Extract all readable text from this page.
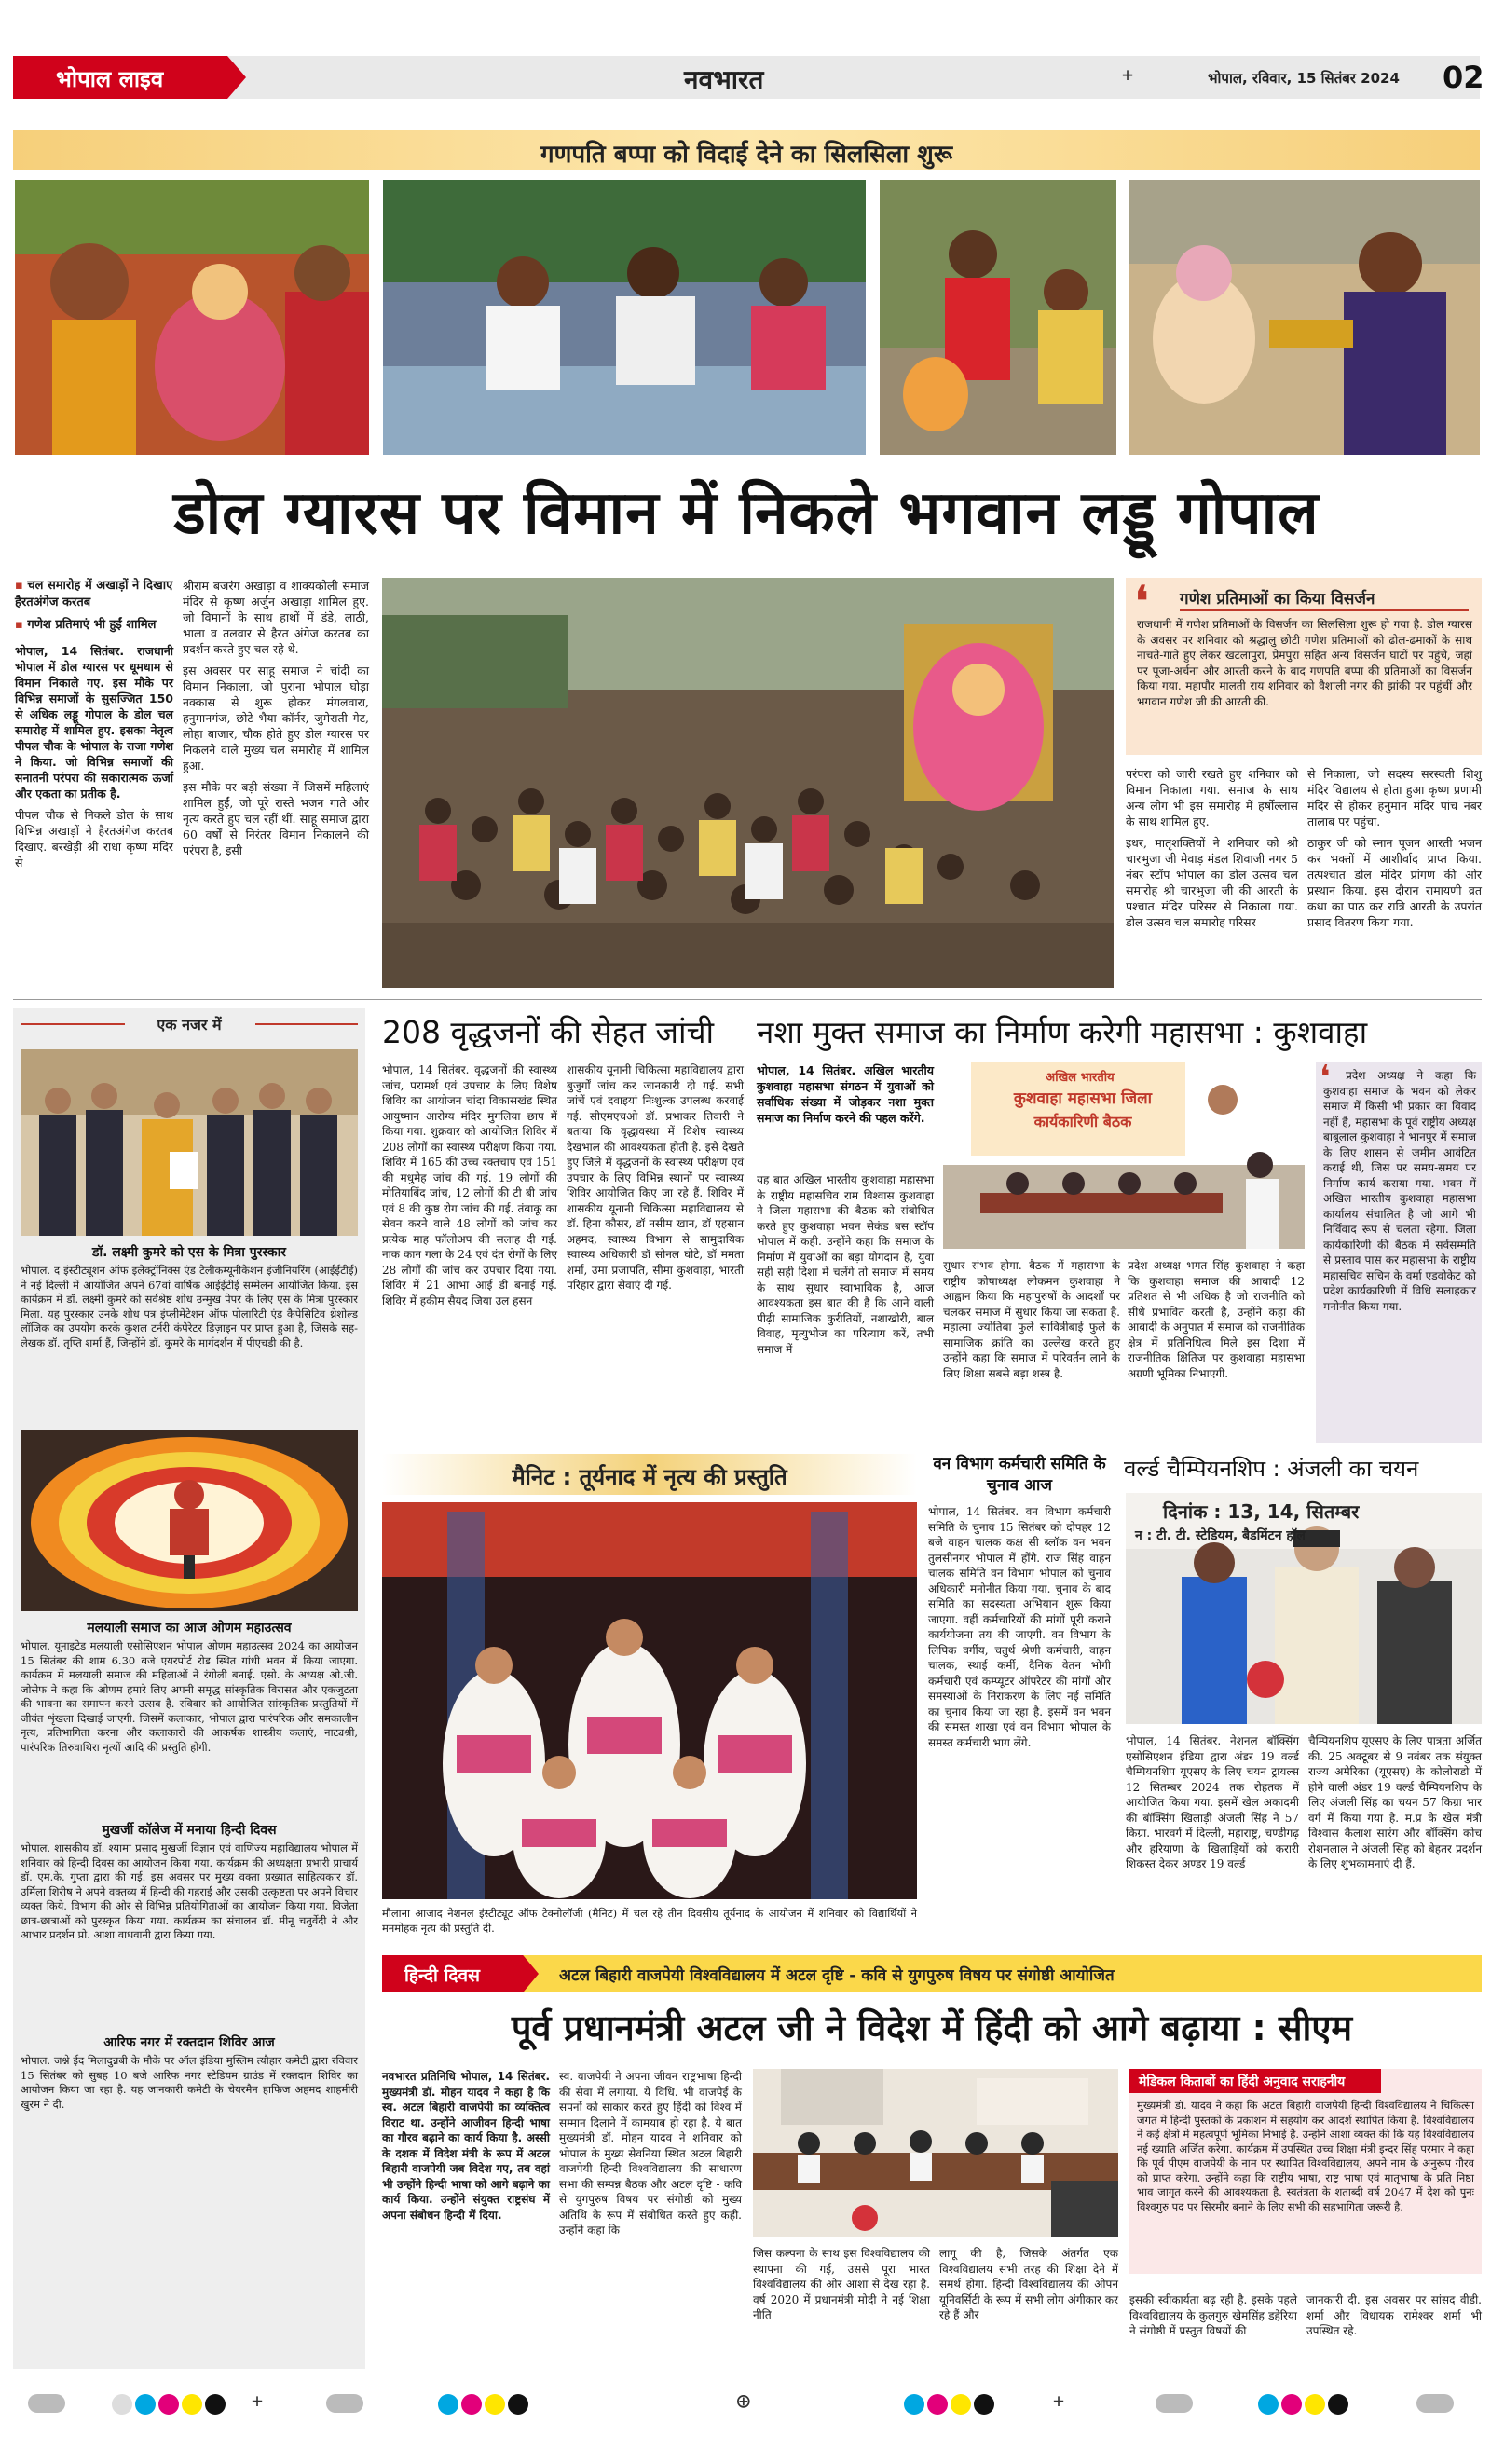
भोपाल लाइव	नवभारत	+	भोपाल, रविवार, 15 सितंबर 2024 02
गणपति बप्पा को विदाई देने का सिलसिला शुरू
डोल ग्यारस पर विमान में निकले भगवान लड्डू गोपाल
▪ चल समारोह में अखाड़ों ने दिखाए हैरतअंगेज करतब
▪ गणेश प्रतिमाएं भी हुईं शामिल
भोपाल, 14 सितंबर. राजधानी भोपाल में डोल ग्यारस पर धूमधाम से विमान निकाले गए. इस मौके पर विभिन्न समाजों के सुसज्जित 150 से अधिक लड्डू गोपाल के डोल चल समारोह में शामिल हुए. इसका नेतृत्व पीपल चौक के भोपाल के राजा गणेश ने किया. जो विभिन्न समाजों की सनातनी परंपरा की सकारात्मक ऊर्जा और एकता का प्रतीक है.
पीपल चौक से निकले डोल के साथ विभिन्न अखाड़ों ने हैरतअंगेज करतब दिखाए. बरखेड़ी श्री राधा कृष्ण मंदिर से

श्रीराम बजरंग अखाड़ा व शाक्यकोली समाज मंदिर से कृष्ण अर्जुन अखाड़ा शामिल हुए. जो विमानों के साथ हाथों में डंडे, लाठी, भाला व तलवार से हैरत अंगेज करतब का प्रदर्शन करते हुए चल रहे थे.

इस अवसर पर साहू समाज ने चांदी का विमान निकाला, जो पुराना भोपाल घोड़ा नक्कास से शुरू होकर मंगलवारा, हनुमानगंज, छोटे भैया कॉर्नर, जुमेराती गेट, लोहा बाजार, चौक होते हुए डोल ग्यारस पर निकलने वाले मुख्य चल समारोह में शामिल हुआ.

इस मौके पर बड़ी संख्या में जिसमें महिलाएं शामिल हुईं, जो पूरे रास्ते भजन गाते और नृत्य करते हुए चल रहीं थीं. साहू समाज द्वारा 60 वर्षों से निरंतर विमान निकालने की परंपरा है, इसी

❛ गणेश प्रतिमाओं का किया विसर्जन
राजधानी में गणेश प्रतिमाओं के विसर्जन का सिलसिला शुरू हो गया है. डोल ग्यारस के अवसर पर शनिवार को श्रद्धालु छोटी गणेश प्रतिमाओं को ढोल-ढमाकों के साथ नाचते-गाते हुए लेकर खटलापुरा, प्रेमपुरा सहित अन्य विसर्जन घाटों पर पहुंचे, जहां पर पूजा-अर्चना और आरती करने के बाद गणपति बप्पा की प्रतिमाओं का विसर्जन किया गया. महापौर मालती राय शनिवार को वैशाली नगर की झांकी पर पहुंचीं और भगवान गणेश जी की आरती की.

परंपरा को जारी रखते हुए शनिवार को विमान निकाला गया. समाज के साथ अन्य लोग भी इस समारोह में हर्षोल्लास के साथ शामिल हुए.

इधर, मातृशक्तियों ने शनिवार को श्री चारभुजा जी मेवाड़ मंडल शिवाजी नगर 5 नंबर स्टॉप भोपाल का डोल उत्सव चल समारोह श्री चारभुजा जी की आरती के पश्चात मंदिर परिसर से निकाला गया. डोल उत्सव चल समारोह परिसर

से निकाला, जो सदस्य सरस्वती शिशु मंदिर विद्यालय से होता हुआ कृष्ण प्रणामी मंदिर से होकर हनुमान मंदिर पांच नंबर तालाब पर पहुंचा.

ठाकुर जी को स्नान पूजन आरती भजन कर भक्तों में आशीर्वाद प्राप्त किया. तत्पश्चात डोल मंदिर प्रांगण की ओर प्रस्थान किया. इस दौरान रामायणी व्रत कथा का पाठ कर रात्रि आरती के उपरांत प्रसाद वितरण किया गया.

एक नजर में
डॉ. लक्ष्मी कुमरे को एस के मित्रा पुरस्कार
भोपाल. द इंस्टीट्यूशन ऑफ इलेक्ट्रॉनिक्स एंड टेलीकम्यूनीकेशन इंजीनियरिंग (आईईटीई) ने नई दिल्ली में आयोजित अपने 67वां वार्षिक आईईटीई सम्मेलन आयोजित किया. इस कार्यक्रम में डॉ. लक्ष्मी कुमरे को सर्वश्रेष्ठ शोध उन्मुख पेपर के लिए एस के मित्रा पुरस्कार मिला. यह पुरस्कार उनके शोध पत्र इंप्लीमेंटेशन ऑफ पोलारिटी एंड कैपेसिटिव थ्रेशोल्ड लॉजिक का उपयोग करके कुशल टर्नरी कंपेरेटर डिज़ाइन पर प्राप्त हुआ है, जिसके सह-लेखक डॉ. तृप्ति शर्मा हैं, जिन्होंने डॉ. कुमरे के मार्गदर्शन में पीएचडी की है.
मलयाली समाज का आज ओणम महाउत्सव
भोपाल. यूनाइटेड मलयाली एसोसिएशन भोपाल ओणम महाउत्सव 2024 का आयोजन 15 सितंबर की शाम 6.30 बजे एयरपोर्ट रोड स्थित गांधी भवन में किया जाएगा. कार्यक्रम में मलयाली समाज की महिलाओं ने रंगोली बनाई. एसो. के अध्यक्ष ओ.जी. जोसेफ ने कहा कि ओणम हमारे लिए अपनी समृद्ध सांस्कृतिक विरासत और एकजुटता की भावना का समापन करने उत्सव है. रविवार को आयोजित सांस्कृतिक प्रस्तुतियों में जीवंत शृंखला दिखाई जाएगी. जिसमें कलाकार, भोपाल द्वारा पारंपरिक और समकालीन नृत्य, प्रतिभागिता करना और कलाकारों की आकर्षक शास्त्रीय कलाएं, नाट्यश्री, पारंपरिक तिरुवाथिरा नृत्यों आदि की प्रस्तुति होगी.
मुखर्जी कॉलेज में मनाया हिन्दी दिवस
भोपाल. शासकीय डॉ. श्यामा प्रसाद मुखर्जी विज्ञान एवं वाणिज्य महाविद्यालय भोपाल में शनिवार को हिन्दी दिवस का आयोजन किया गया. कार्यक्रम की अध्यक्षता प्रभारी प्राचार्य डॉ. एम.के. गुप्ता द्वारा की गई. इस अवसर पर मुख्य वक्ता प्रख्यात साहित्यकार डॉ. उर्मिला शिरीष ने अपने वक्तव्य में हिन्दी की गहराई और उसकी उत्कृष्टता पर अपने विचार व्यक्त किये. विभाग की ओर से विभिन्न प्रतियोगिताओं का आयोजन किया गया. विजेता छात्र-छात्राओं को पुरस्कृत किया गया. कार्यक्रम का संचालन डॉ. मीनू चतुर्वेदी ने और आभार प्रदर्शन प्रो. आशा वाधवानी द्वारा किया गया.
आरिफ नगर में रक्तदान शिविर आज
भोपाल. जश्ने ईद मिलादुन्नबी के मौके पर ऑल इंडिया मुस्लिम त्यौहार कमेटी द्वारा रविवार 15 सितंबर को सुबह 10 बजे आरिफ नगर स्टेडियम ग्राउंड में रक्तदान शिविर का आयोजन किया जा रहा है. यह जानकारी कमेटी के चेयरमैन हाफिज अहमद शाहमीरी खुरम ने दी.
208 वृद्धजनों की सेहत जांची
भोपाल, 14 सितंबर. वृद्धजनों की स्वास्थ्य जांच, परामर्श एवं उपचार के लिए विशेष शिविर का आयोजन चांदा विकासखंड स्थित आयुष्मान आरोग्य मंदिर मुगलिया छाप में किया गया. शुक्रवार को आयोजित शिविर में 208 लोगों का स्वास्थ्य परीक्षण किया गया. शिविर में 165 की उच्च रक्तचाप एवं 151 की मधुमेह जांच की गई. 19 लोगों की मोतियाबिंद जांच, 12 लोगों की टी बी जांच एवं 8 की कुष्ठ रोग जांच की गई. तंबाकू का सेवन करने वाले 48 लोगों को जांच कर प्रत्येक माह फॉलोअप की सलाह दी गई. नाक कान गला के 24 एवं दंत रोगों के लिए 28 लोगों की जांच कर उपचार दिया गया. शिविर में 21 आभा आई डी बनाई गई. शिविर में हकीम सैयद जिया उल हसन
शासकीय यूनानी चिकित्सा महाविद्यालय द्वारा बुजुर्गों जांच कर जानकारी दी गई. सभी जांचें एवं दवाइयां निःशुल्क उपलब्ध करवाई गई. सीएमएचओ डॉ. प्रभाकर तिवारी ने बताया कि वृद्धावस्था में विशेष स्वास्थ्य देखभाल की आवश्यकता होती है. इसे देखते हुए जिले में वृद्धजनों के स्वास्थ्य परीक्षण एवं उपचार के लिए विभिन्न स्थानों पर स्वास्थ्य शिविर आयोजित किए जा रहे हैं. शिविर में शासकीय यूनानी चिकित्सा महाविद्यालय से डॉ. हिना कौसर, डॉ नसीम खान, डॉ एहसान अहमद, स्वास्थ्य विभाग से सामुदायिक स्वास्थ्य अधिकारी डॉ सोनल घोटे, डॉ ममता शर्मा, उमा प्रजापति, सीमा कुशवाहा, भारती परिहार द्वारा सेवाएं दी गई.
नशा मुक्त समाज का निर्माण करेगी महासभा : कुशवाहा
भोपाल, 14 सितंबर. अखिल भारतीय कुशवाहा महासभा संगठन में युवाओं को सर्वाधिक संख्या में जोड़कर नशा मुक्त समाज का निर्माण करने की पहल करेंगे.
यह बात अखिल भारतीय कुशवाहा महासभा के राष्ट्रीय महासचिव राम विश्वास कुशवाहा ने जिला महासभा की बैठक को संबोधित करते हुए कुशवाहा भवन सेकंड बस स्टॉप भोपाल में कही. उन्होंने कहा कि समाज के निर्माण में युवाओं का बड़ा योगदान है, युवा सही सही दिशा में चलेंगे तो समाज में समय के साथ सुधार स्वाभाविक है, आज आवश्यकता इस बात की है कि आने वाली पीढ़ी सामाजिक कुरीतियों, नशाखोरी, बाल विवाह, मृत्युभोज का परित्याग करें, तभी समाज में
अखिल भारतीय
कुशवाहा महासभा जिला
कार्यकारिणी बैठक
सुधार संभव होगा. बैठक में महासभा के राष्ट्रीय कोषाध्यक्ष लोकमन कुशवाहा ने आह्वान किया कि महापुरुषों के आदर्शों पर चलकर समाज में सुधार किया जा सकता है. महात्मा ज्योतिबा फुले सावित्रीबाई फुले के सामाजिक क्रांति का उल्लेख करते हुए उन्होंने कहा कि समाज में परिवर्तन लाने के लिए शिक्षा सबसे बड़ा शस्त्र है.
प्रदेश अध्यक्ष भगत सिंह कुशवाहा ने कहा कि कुशवाहा समाज की आबादी 12 प्रतिशत से भी अधिक है जो राजनीति को सीधे प्रभावित करती है, उन्होंने कहा की आबादी के अनुपात में समाज को राजनीतिक क्षेत्र में प्रतिनिधित्व मिले इस दिशा में राजनीतिक क्षितिज पर कुशवाहा महासभा अग्रणी भूमिका निभाएगी.
❛	प्रदेश अध्यक्ष ने कहा कि कुशवाहा समाज के भवन को लेकर समाज में किसी भी प्रकार का विवाद नहीं है, महासभा के पूर्व राष्ट्रीय अध्यक्ष बाबूलाल कुशवाहा ने भानपुर में समाज के लिए शासन से जमीन आवंटित कराई थी, जिस पर समय-समय पर निर्माण कार्य कराया गया. भवन में अखिल भारतीय कुशवाहा महासभा कार्यालय संचालित है जो आगे भी निर्विवाद रूप से चलता रहेगा. जिला कार्यकारिणी की बैठक में सर्वसम्मति से प्रस्ताव पास कर महासभा के राष्ट्रीय महासचिव सचिन के वर्मा एडवोकेट को प्रदेश कार्यकारिणी में विधि सलाहकार मनोनीत किया गया.
मैनिट : तूर्यनाद में नृत्य की प्रस्तुति
मौलाना आजाद नेशनल इंस्टीट्यूट ऑफ टेक्नोलॉजी (मैनिट) में चल रहे तीन दिवसीय तूर्यनाद के आयोजन में शनिवार को विद्यार्थियों ने मनमोहक नृत्य की प्रस्तुति दी.
वन विभाग कर्मचारी समिति के चुनाव आज
भोपाल, 14 सितंबर. वन विभाग कर्मचारी समिति के चुनाव 15 सितंबर को दोपहर 12 बजे वाहन चालक कक्ष सी ब्लॉक वन भवन तुलसीनगर भोपाल में होंगे. राज सिंह वाहन चालक समिति वन विभाग भोपाल को चुनाव अधिकारी मनोनीत किया गया. चुनाव के बाद समिति का सदस्यता अभियान शुरू किया जाएगा. वहीं कर्मचारियों की मांगों पूरी कराने कार्ययोजना तय की जाएगी. वन विभाग के लिपिक वर्गीय, चतुर्थ श्रेणी कर्मचारी, वाहन चालक, स्थाई कर्मी, दैनिक वेतन भोगी कर्मचारी एवं कम्प्यूटर ऑपरेटर की मांगों और समस्याओं के निराकरण के लिए नई समिति का चुनाव किया जा रहा है. इसमें वन भवन की समस्त शाखा एवं वन विभाग भोपाल के समस्त कर्मचारी भाग लेंगे.
वर्ल्ड चैम्पियनशिप : अंजली का चयन
दिनांक : 13, 14, सितम्बर
न : टी. टी. स्टेडियम, बैडमिंटन हॉल
भोपाल, 14 सितंबर. नेशनल बॉक्सिंग एसोसिएशन इंडिया द्वारा अंडर 19 वर्ल्ड चैम्पियनशिप यूएसए के लिए चयन ट्रायल्स 12 सितम्बर 2024 तक रोहतक में आयोजित किया गया. इसमें खेल अकादमी की बॉक्सिंग खिलाड़ी अंजली सिंह ने 57 किग्रा. भारवर्ग में दिल्ली, महाराष्ट्र, चण्डीगढ़ और हरियाणा के खिलाड़ियों को करारी शिकस्त देकर अण्डर 19 वर्ल्ड
चैम्पियनशिप यूएसए के लिए पात्रता अर्जित की. 25 अक्टूबर से 9 नवंबर तक संयुक्त राज्य अमेरिका (यूएसए) के कोलोराडो में होने वाली अंडर 19 वर्ल्ड चैम्पियनशिप के लिए अंजली सिंह का चयन 57 किग्रा भार वर्ग में किया गया है. म.प्र के खेल मंत्री विश्वास कैलाश सारंग और बॉक्सिंग कोच रोशनलाल ने अंजली सिंह को बेहतर प्रदर्शन के लिए शुभकामनाएं दी हैं.
हिन्दी दिवस	अटल बिहारी वाजपेयी विश्वविद्यालय में अटल दृष्टि - कवि से युगपुरुष विषय पर संगोष्ठी आयोजित
पूर्व प्रधानमंत्री अटल जी ने विदेश में हिंदी को आगे बढ़ाया : सीएम
नवभारत प्रतिनिधि भोपाल, 14 सितंबर. मुख्यमंत्री डॉ. मोहन यादव ने कहा है कि स्व. अटल बिहारी वाजपेयी का व्यक्तित्व विराट था. उन्होंने आजीवन हिन्दी भाषा का गौरव बढ़ाने का कार्य किया है. अस्सी के दशक में विदेश मंत्री के रूप में अटल बिहारी वाजपेयी जब विदेश गए, तब वहां भी उन्होंने हिन्दी भाषा को आगे बढ़ाने का कार्य किया. उन्होंने संयुक्त राष्ट्रसंघ में अपना संबोधन हिन्दी में दिया.
स्व. वाजपेयी ने अपना जीवन राष्ट्रभाषा हिन्दी की सेवा में लगाया. ये विधि. भी वाजपेई के सपनों को साकार करते हुए हिंदी को विश्व में सम्मान दिलाने में कामयाब हो रहा है. ये बात मुख्यमंत्री डॉ. मोहन यादव ने शनिवार को भोपाल के मुख्य सेवनिया स्थित अटल बिहारी वाजपेयी हिन्दी विश्वविद्यालय की साधारण सभा की सम्पन्न बैठक और अटल दृष्टि - कवि से युगपुरुष विषय पर संगोष्ठी को मुख्य अतिथि के रूप में संबोधित करते हुए कही. उन्होंने कहा कि
जिस कल्पना के साथ इस विश्वविद्यालय की स्थापना की गई, उससे पूरा भारत विश्वविद्यालय की ओर आशा से देख रहा है. वर्ष 2020 में प्रधानमंत्री मोदी ने नई शिक्षा नीति
लागू की है, जिसके अंतर्गत एक विश्वविद्यालय सभी तरह की शिक्षा देने में समर्थ होगा. हिन्दी विश्वविद्यालय की ओपन यूनिवर्सिटी के रूप में सभी लोग अंगीकार कर रहे हैं और
मेडिकल किताबों का हिंदी अनुवाद सराहनीय
मुख्यमंत्री डॉ. यादव ने कहा कि अटल बिहारी वाजपेयी हिन्दी विश्वविद्यालय ने चिकित्सा जगत में हिन्दी पुस्तकों के प्रकाशन में सहयोग कर आदर्श स्थापित किया है. विश्वविद्यालय ने कई क्षेत्रों में महत्वपूर्ण भूमिका निभाई है. उन्होंने आशा व्यक्त की कि यह विश्वविद्यालय नई ख्याति अर्जित करेगा. कार्यक्रम में उपस्थित उच्च शिक्षा मंत्री इन्दर सिंह परमार ने कहा कि पूर्व पीएम वाजपेयी के नाम पर स्थापित विश्वविद्यालय, अपने नाम के अनुरूप गौरव को प्राप्त करेगा. उन्होंने कहा कि राष्ट्रीय भाषा, राष्ट्र भाषा एवं मातृभाषा के प्रति निष्ठा भाव जागृत करने की आवश्यकता है. स्वतंत्रता के शताब्दी वर्ष 2047 में देश को पुनः विश्वगुरु पद पर सिरमौर बनाने के लिए सभी की सहभागिता जरूरी है.
इसकी स्वीकार्यता बढ़ रही है. इसके पहले विश्वविद्यालय के कुलगुरु खेमसिंह डहेरिया ने संगोष्ठी में प्रस्तुत विषयों की
जानकारी दी. इस अवसर पर सांसद वीडी. शर्मा और विधायक रामेश्वर शर्मा भी उपस्थित रहे.
+	⊕	+
